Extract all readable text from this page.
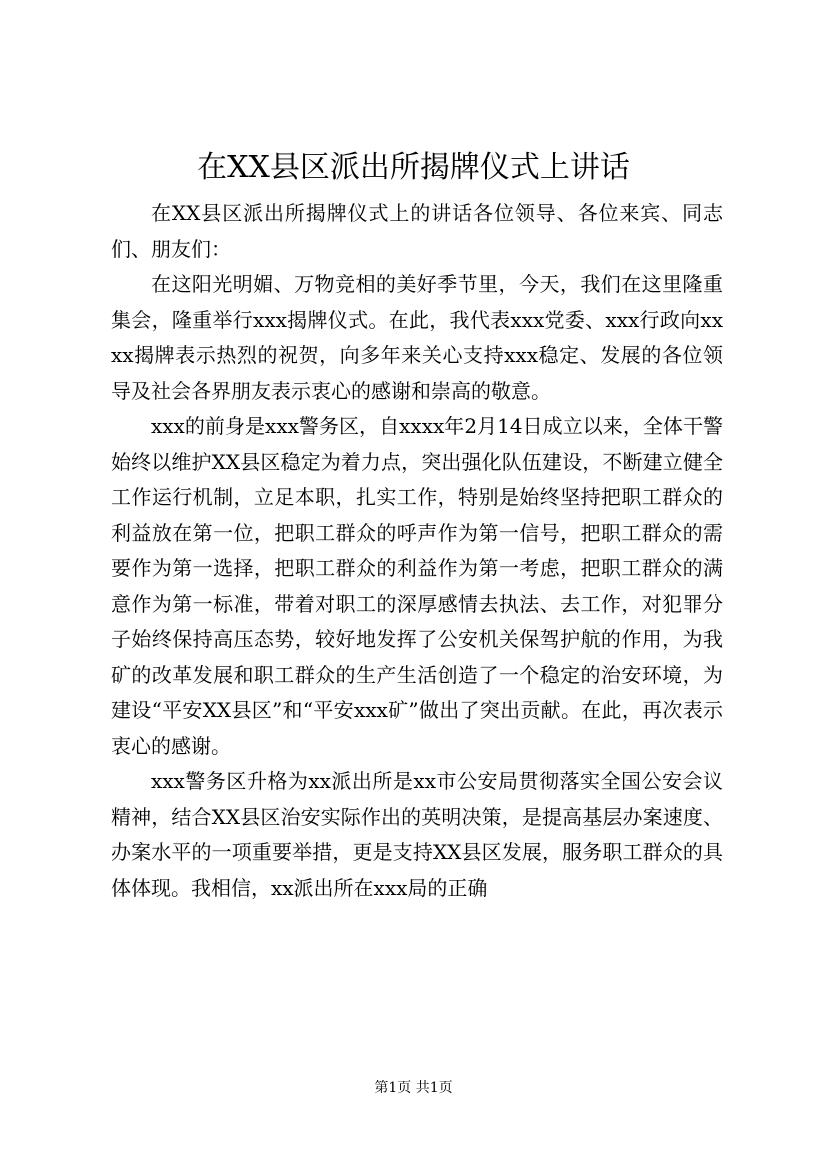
在XX县区派出所揭牌仪式上讲话

在XX县区派出所揭牌仪式上的讲话各位领导、各位来宾、同志们、朋友们：

在这阳光明媚、万物竞相的美好季节里，今天，我们在这里隆重集会，隆重举行xxx揭牌仪式。在此，我代表xxx党委、xxx行政向xxxx揭牌表示热烈的祝贺，向多年来关心支持xxx稳定、发展的各位领导及社会各界朋友表示衷心的感谢和崇高的敬意。

xxx的前身是xxx警务区，自xxxx年2月14日成立以来，全体干警始终以维护XX县区稳定为着力点，突出强化队伍建设，不断建立健全工作运行机制，立足本职，扎实工作，特别是始终坚持把职工群众的利益放在第一位，把职工群众的呼声作为第一信号，把职工群众的需要作为第一选择，把职工群众的利益作为第一考虑，把职工群众的满意作为第一标准，带着对职工的深厚感情去执法、去工作，对犯罪分子始终保持高压态势，较好地发挥了公安机关保驾护航的作用，为我矿的改革发展和职工群众的生产生活创造了一个稳定的治安环境，为建设“平安XX县区”和“平安xxx矿”做出了突出贡献。在此，再次表示衷心的感谢。

xxx警务区升格为xx派出所是xx市公安局贯彻落实全国公安会议精神，结合XX县区治安实际作出的英明决策，是提高基层办案速度、办案水平的一项重要举措，更是支持XX县区发展，服务职工群众的具体体现。我相信，xx派出所在xxx局的正确

第1页 共1页
